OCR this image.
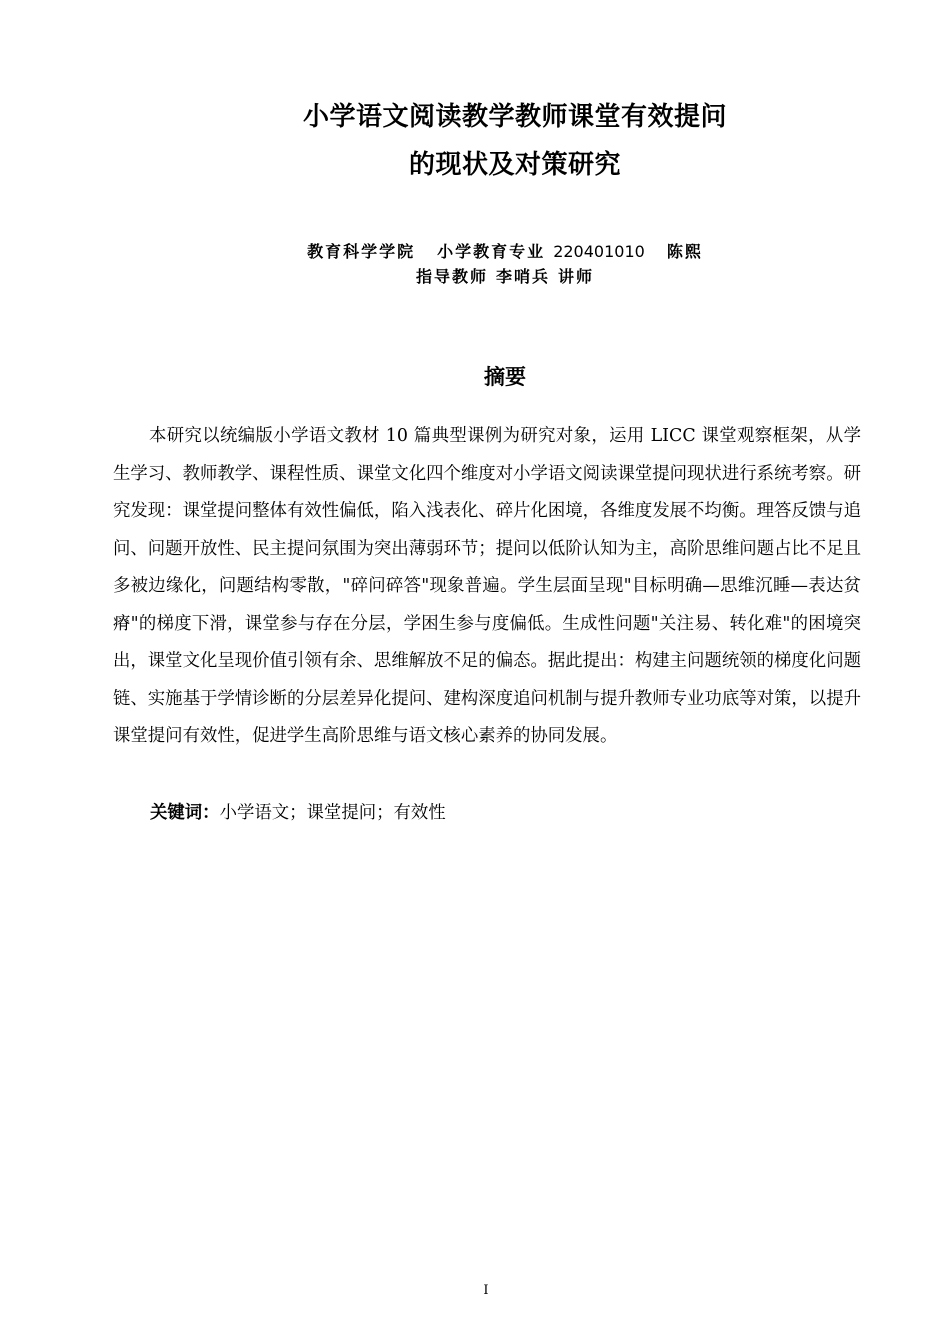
小学语文阅读教学教师课堂有效提问
的现状及对策研究
教育科学学院 小学教育专业 220401010 陈熙
指导教师 李哨兵 讲师
摘要

本研究以统编版小学语文教材 10 篇典型课例为研究对象，运用 LICC 课堂观察框架，从学生学习、教师教学、课程性质、课堂文化四个维度对小学语文阅读课堂提问现状进行系统考察。研究发现：课堂提问整体有效性偏低，陷入浅表化、碎片化困境，各维度发展不均衡。理答反馈与追问、问题开放性、民主提问氛围为突出薄弱环节；提问以低阶认知为主，高阶思维问题占比不足且多被边缘化，问题结构零散，"碎问碎答"现象普遍。学生层面呈现"目标明确—思维沉睡—表达贫瘠"的梯度下滑，课堂参与存在分层，学困生参与度偏低。生成性问题"关注易、转化难"的困境突出，课堂文化呈现价值引领有余、思维解放不足的偏态。据此提出：构建主问题统领的梯度化问题链、实施基于学情诊断的分层差异化提问、建构深度追问机制与提升教师专业功底等对策，以提升课堂提问有效性，促进学生高阶思维与语文核心素养的协同发展。

关键词：小学语文；课堂提问；有效性
I
